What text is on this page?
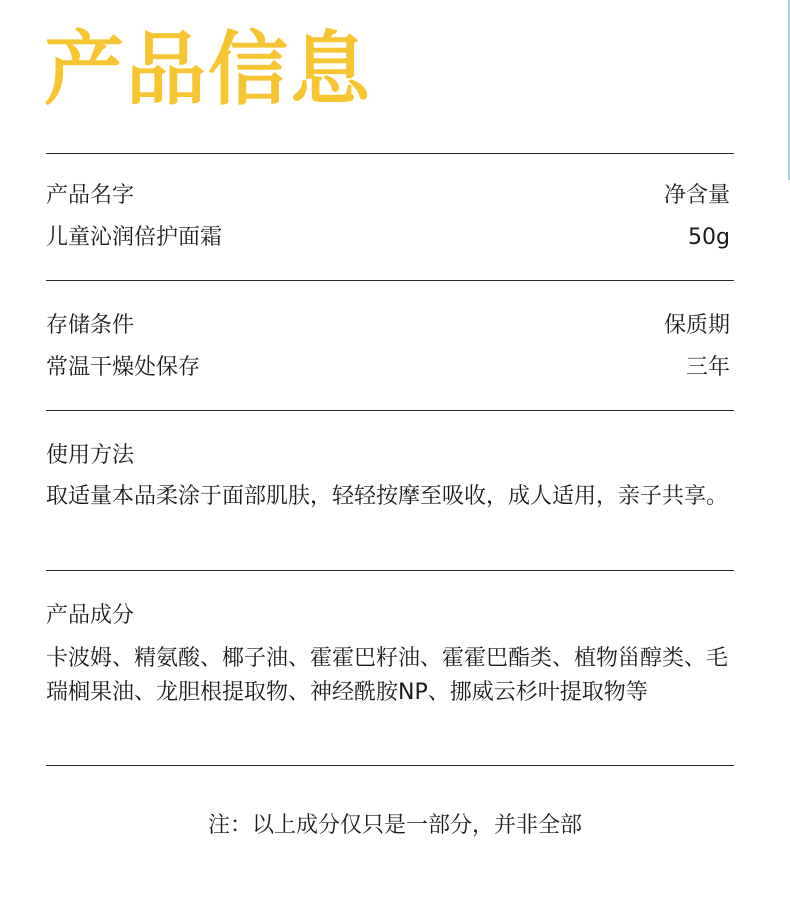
产品信息
产品名字	净含量
儿童沁润倍护面霜	50g
存储条件	保质期
常温干燥处保存	三年
使用方法
取适量本品柔涂于面部肌肤，轻轻按摩至吸收，成人适用，亲子共享。
产品成分
卡波姆、精氨酸、椰子油、霍霍巴籽油、霍霍巴酯类、植物甾醇类、毛瑞榈果油、龙胆根提取物、神经酰胺NP、挪威云杉叶提取物等
注：以上成分仅只是一部分，并非全部
